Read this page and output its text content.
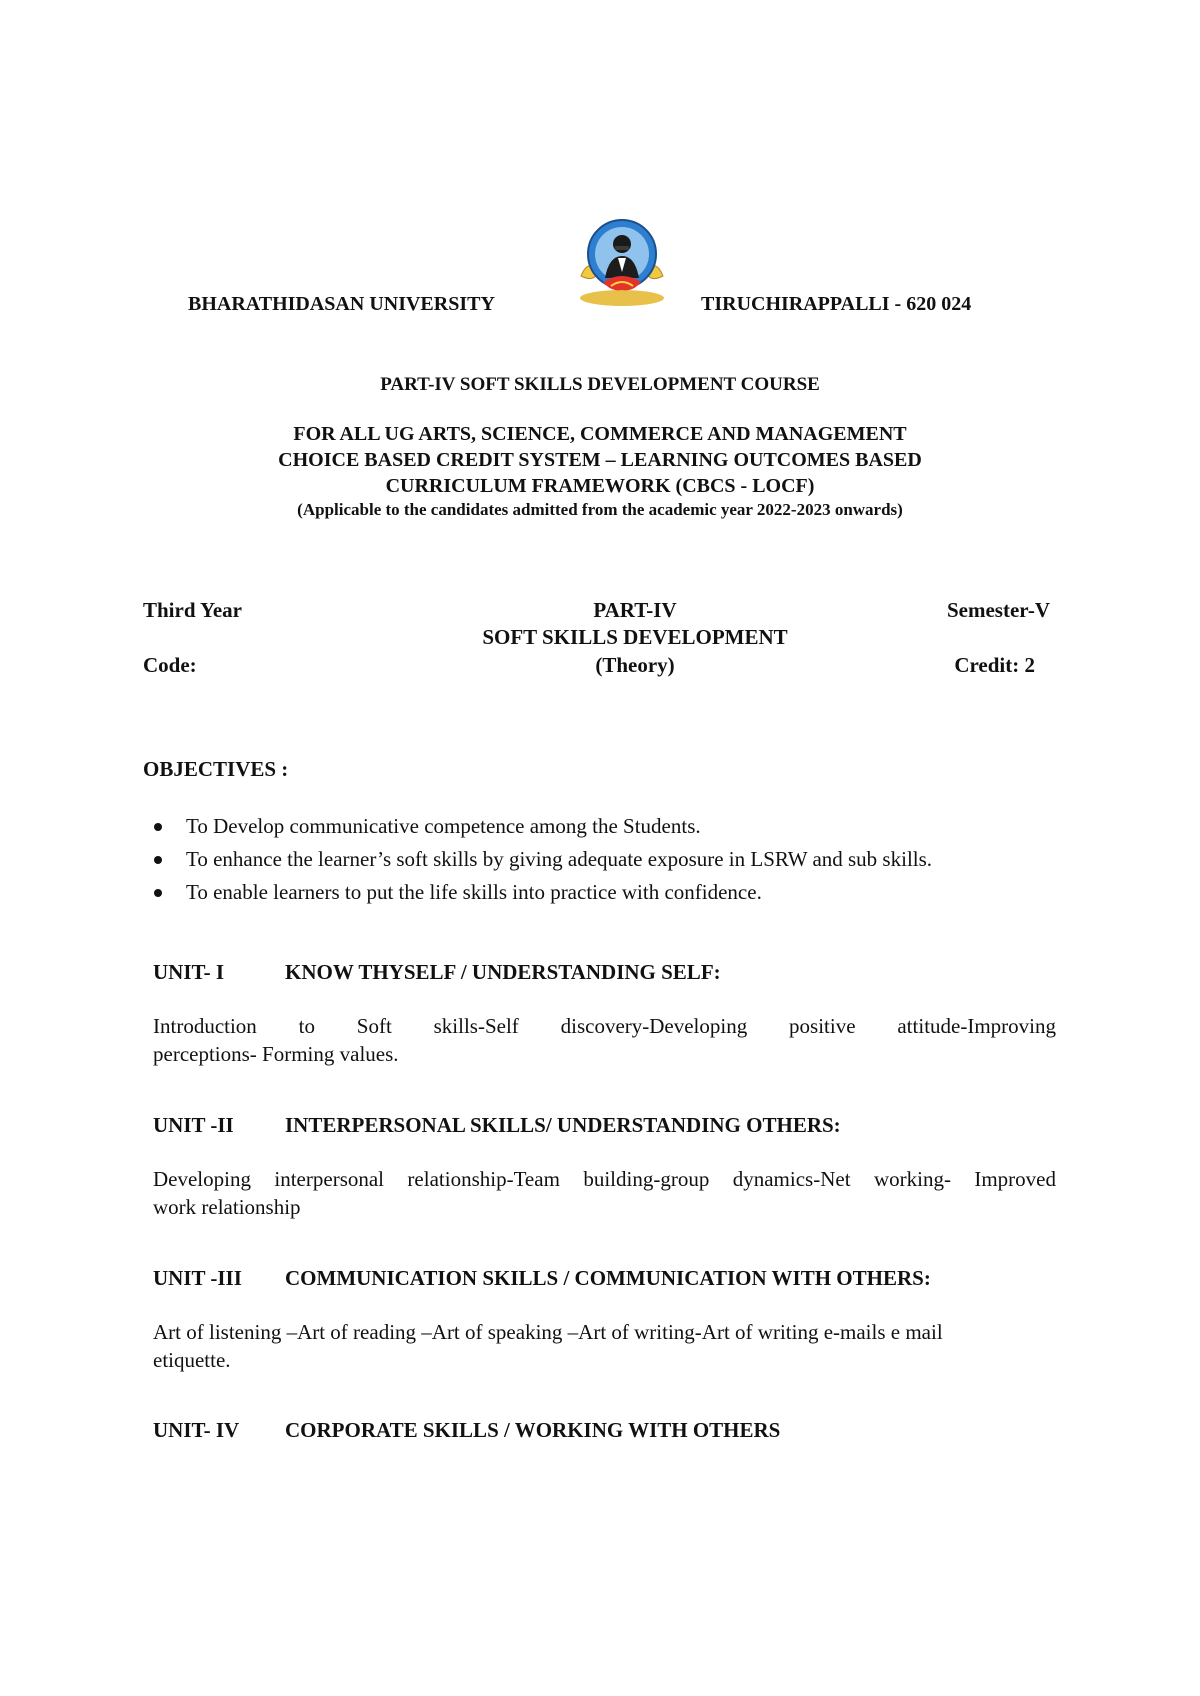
BHARATHIDASAN UNIVERSITY	TIRUCHIRAPPALLI - 620 024
PART-IV SOFT SKILLS DEVELOPMENT COURSE
FOR ALL UG ARTS, SCIENCE, COMMERCE AND MANAGEMENT
CHOICE BASED CREDIT SYSTEM – LEARNING OUTCOMES BASED
CURRICULUM FRAMEWORK (CBCS - LOCF)
(Applicable to the candidates admitted from the academic year 2022-2023 onwards)
Third Year	PART-IV	Semester-V
SOFT SKILLS DEVELOPMENT
Code:	(Theory)	Credit: 2
OBJECTIVES :
To Develop communicative competence among the Students.
To enhance the learner’s soft skills by giving adequate exposure in LSRW and sub skills.
To enable learners to put the life skills into practice with confidence.
UNIT- I	KNOW THYSELF / UNDERSTANDING SELF:
Introduction to Soft skills-Self discovery-Developing positive attitude-Improving
perceptions- Forming values.
UNIT -II INTERPERSONAL SKILLS/ UNDERSTANDING OTHERS:
Developing interpersonal relationship-Team building-group dynamics-Net working- Improved
work relationship
UNIT -III COMMUNICATION SKILLS / COMMUNICATION WITH OTHERS:
Art of listening –Art of reading –Art of speaking –Art of writing-Art of writing e-mails e mail
etiquette.
UNIT- IV CORPORATE SKILLS / WORKING WITH OTHERS
